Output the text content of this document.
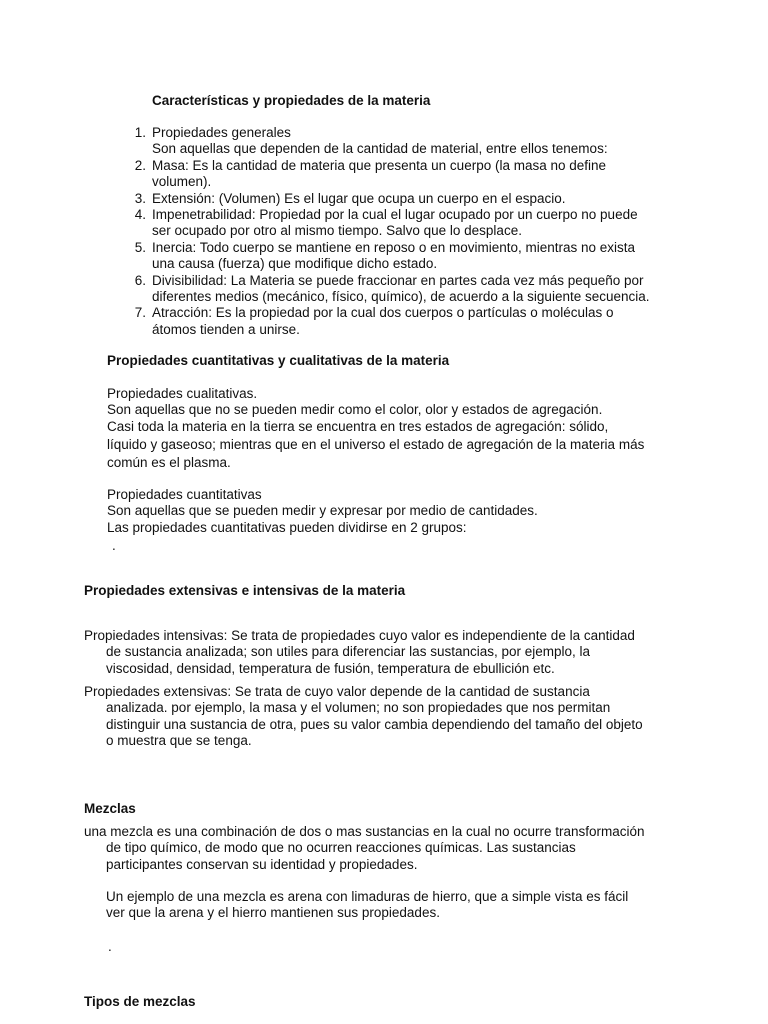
Características y propiedades de la materia
1. Propiedades generales
Son aquellas que dependen de la cantidad de material, entre ellos tenemos:
2. Masa: Es la cantidad de materia que presenta un cuerpo (la masa no define
volumen).
3. Extensión: (Volumen) Es el lugar que ocupa un cuerpo en el espacio.
4. Impenetrabilidad: Propiedad por la cual el lugar ocupado por un cuerpo no puede
ser ocupado por otro al mismo tiempo. Salvo que lo desplace.
5. Inercia: Todo cuerpo se mantiene en reposo o en movimiento, mientras no exista
una causa (fuerza) que modifique dicho estado.
6. Divisibilidad: La Materia se puede fraccionar en partes cada vez más pequeño por
diferentes medios (mecánico, físico, químico), de acuerdo a la siguiente secuencia.
7. Atracción: Es la propiedad por la cual dos cuerpos o partículas o moléculas o
átomos tienden a unirse.
Propiedades cuantitativas y cualitativas de la materia
Propiedades cualitativas.
Son aquellas que no se pueden medir como el color, olor y estados de agregación.
Casi toda la materia en la tierra se encuentra en tres estados de agregación: sólido,
líquido y gaseoso; mientras que en el universo el estado de agregación de la materia más
común es el plasma.
Propiedades cuantitativas
Son aquellas que se pueden medir y expresar por medio de cantidades.
Las propiedades cuantitativas pueden dividirse en 2 grupos:
.
Propiedades extensivas e intensivas de la materia
Propiedades intensivas: Se trata de propiedades cuyo valor es independiente de la cantidad
de sustancia analizada; son utiles para diferenciar las sustancias, por ejemplo, la
viscosidad, densidad, temperatura de fusión, temperatura de ebullición etc.
Propiedades extensivas: Se trata de cuyo valor depende de la cantidad de sustancia
analizada. por ejemplo, la masa y el volumen; no son propiedades que nos permitan
distinguir una sustancia de otra, pues su valor cambia dependiendo del tamaño del objeto
o muestra que se tenga.
Mezclas
una mezcla es una combinación de dos o mas sustancias en la cual no ocurre transformación
de tipo químico, de modo que no ocurren reacciones químicas. Las sustancias
participantes conservan su identidad y propiedades.
Un ejemplo de una mezcla es arena con limaduras de hierro, que a simple vista es fácil
ver que la arena y el hierro mantienen sus propiedades.
.
Tipos de mezclas
